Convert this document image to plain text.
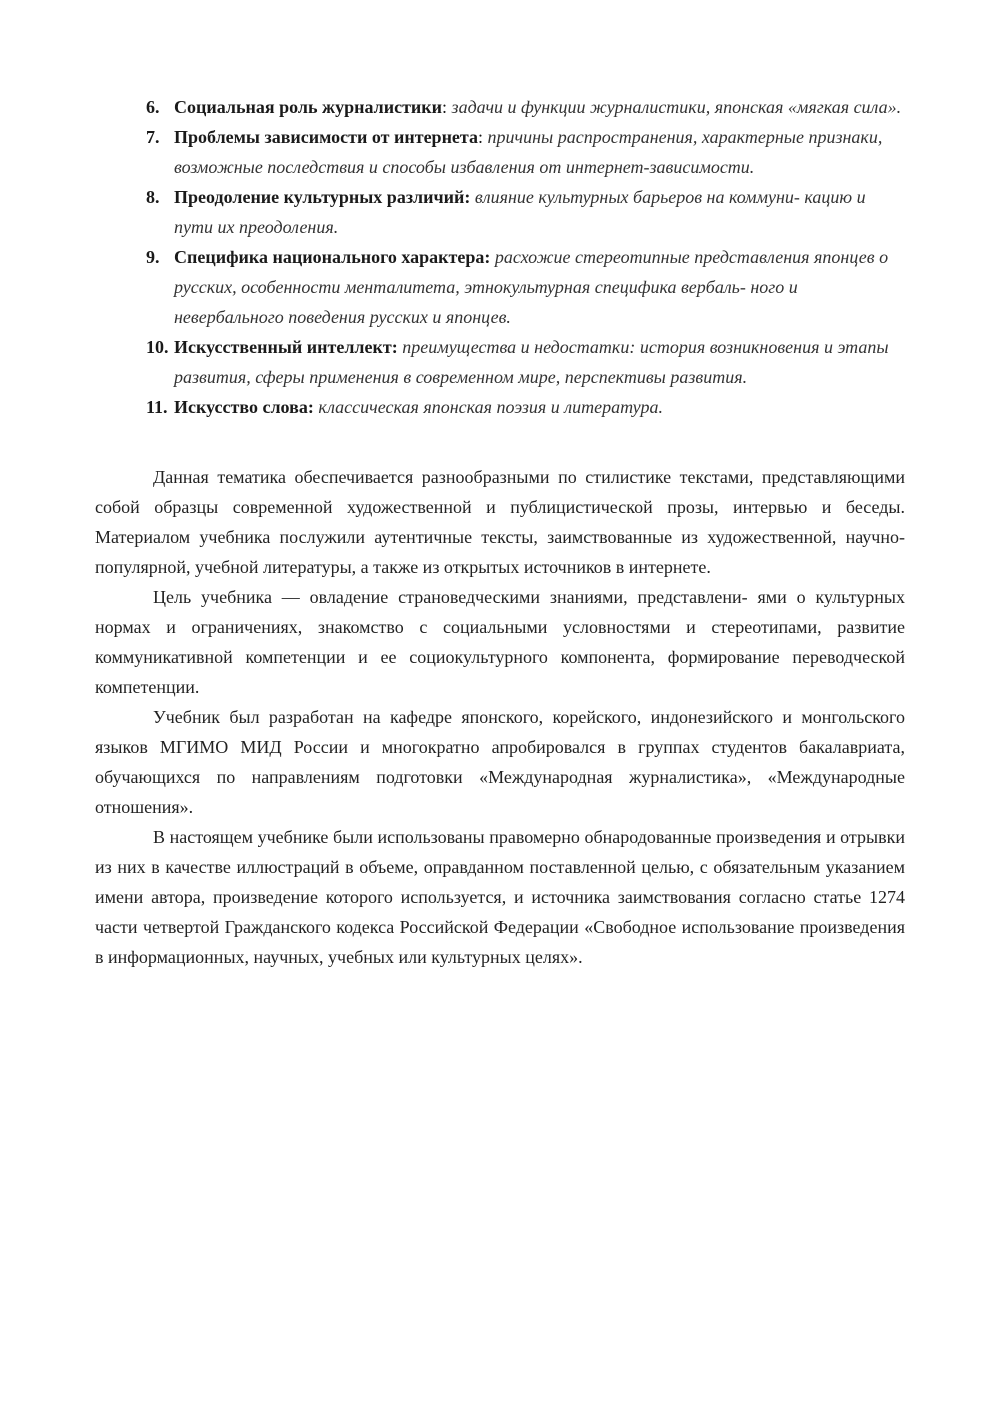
6. Социальная роль журналистики: задачи и функции журналистики, японская «мягкая сила».
7. Проблемы зависимости от интернета: причины распространения, характерные признаки, возможные последствия и способы избавления от интернет-зависимости.
8. Преодоление культурных различий: влияние культурных барьеров на коммуни- кацию и пути их преодоления.
9. Специфика национального характера: расхожие стереотипные представления японцев о русских, особенности менталитета, этнокультурная специфика вербаль- ного и невербального поведения русских и японцев.
10. Искусственный интеллект: преимущества и недостатки: история возникновения и этапы развития, сферы применения в современном мире, перспективы развития.
11. Искусство слова: классическая японская поэзия и литература.

Данная тематика обеспечивается разнообразными по стилистике текстами, представляющими собой образцы современной художественной и публицистической прозы, интервью и беседы. Материалом учебника послужили аутентичные тексты, заимствованные из художественной, научно-популярной, учебной литературы, а также из открытых источников в интернете.

Цель учебника — овладение страноведческими знаниями, представлени- ями о культурных нормах и ограничениях, знакомство с социальными условностями и стереотипами, развитие коммуникативной компетенции и ее социокультурного компонента, формирование переводческой компетенции.

Учебник был разработан на кафедре японского, корейского, индонезийского и монгольского языков МГИМО МИД России и многократно апробировался в группах студентов бакалавриата, обучающихся по направлениям подготовки «Международная журналистика», «Международные отношения».

В настоящем учебнике были использованы правомерно обнародованные произведения и отрывки из них в качестве иллюстраций в объеме, оправданном поставленной целью, с обязательным указанием имени автора, произведение которого используется, и источника заимствования согласно статье 1274 части четвертой Гражданского кодекса Российской Федерации «Свободное использование произведения в информационных, научных, учебных или культурных целях».
